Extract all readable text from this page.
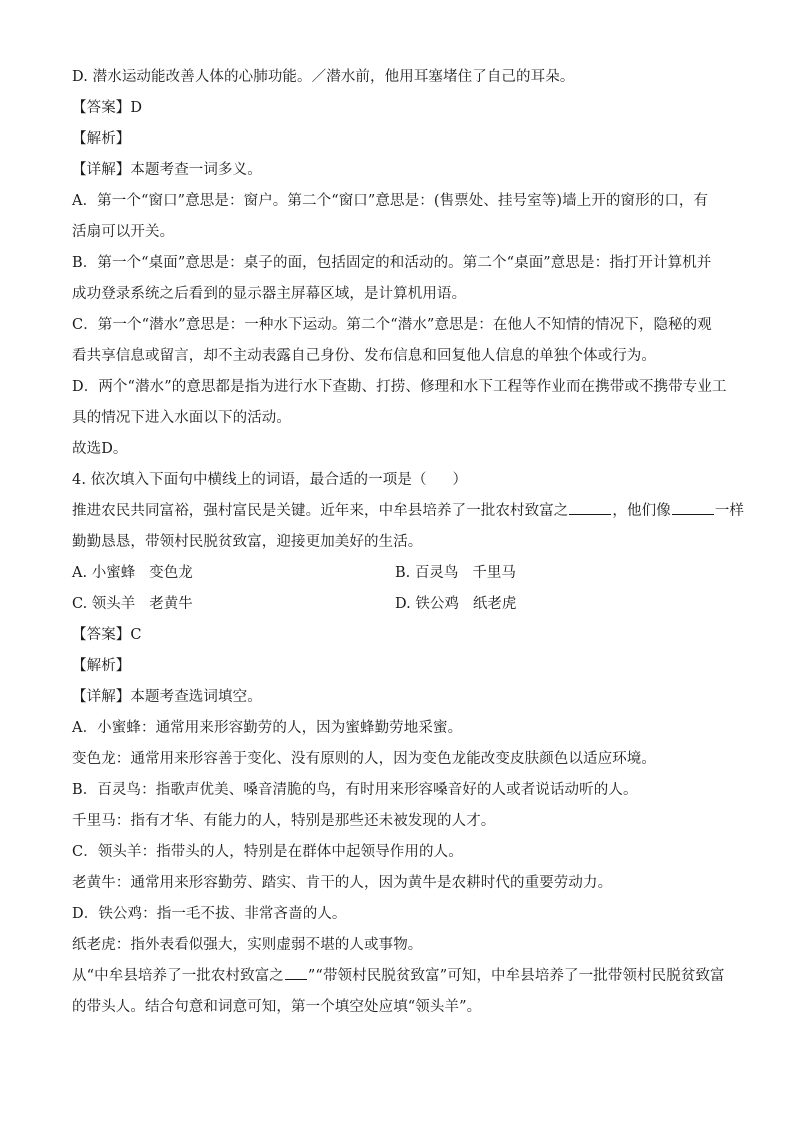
D. 潜水运动能改善人体的心肺功能。／潜水前，他用耳塞堵住了自己的耳朵。
【答案】D
【解析】
【详解】本题考查一词多义。
A．第一个“窗口”意思是：窗户。第二个“窗口”意思是：(售票处、挂号室等)墙上开的窗形的口，有
活扇可以开关。
B．第一个“桌面”意思是：桌子的面，包括固定的和活动的。第二个“桌面”意思是：指打开计算机并
成功登录系统之后看到的显示器主屏幕区域，是计算机用语。
C．第一个“潜水”意思是：一种水下运动。第二个“潜水”意思是：在他人不知情的情况下，隐秘的观
看共享信息或留言，却不主动表露自己身份、发布信息和回复他人信息的单独个体或行为。
D．两个“潜水”的意思都是指为进行水下查勘、打捞、修理和水下工程等作业而在携带或不携带专业工
具的情况下进入水面以下的活动。
故选D。
4. 依次填入下面句中横线上的词语，最合适的一项是（ ）
推进农民共同富裕，强村富民是关键。近年来，中牟县培养了一批农村致富之	，他们像	一样
勤勤恳恳，带领村民脱贫致富，迎接更加美好的生活。
A. 小蜜蜂 变色龙	B. 百灵鸟 千里马
C. 领头羊 老黄牛	D. 铁公鸡 纸老虎
【答案】C
【解析】
【详解】本题考查选词填空。
A．小蜜蜂：通常用来形容勤劳的人，因为蜜蜂勤劳地采蜜。
变色龙：通常用来形容善于变化、没有原则的人，因为变色龙能改变皮肤颜色以适应环境。
B．百灵鸟：指歌声优美、嗓音清脆的鸟，有时用来形容嗓音好的人或者说话动听的人。
千里马：指有才华、有能力的人，特别是那些还未被发现的人才。
C．领头羊：指带头的人，特别是在群体中起领导作用的人。
老黄牛：通常用来形容勤劳、踏实、肯干的人，因为黄牛是农耕时代的重要劳动力。
D．铁公鸡：指一毛不拔、非常吝啬的人。
纸老虎：指外表看似强大，实则虚弱不堪的人或事物。
从“中牟县培养了一批农村致富之 ”“带领村民脱贫致富”可知，中牟县培养了一批带领村民脱贫致富
的带头人。结合句意和词意可知，第一个填空处应填“领头羊”。
